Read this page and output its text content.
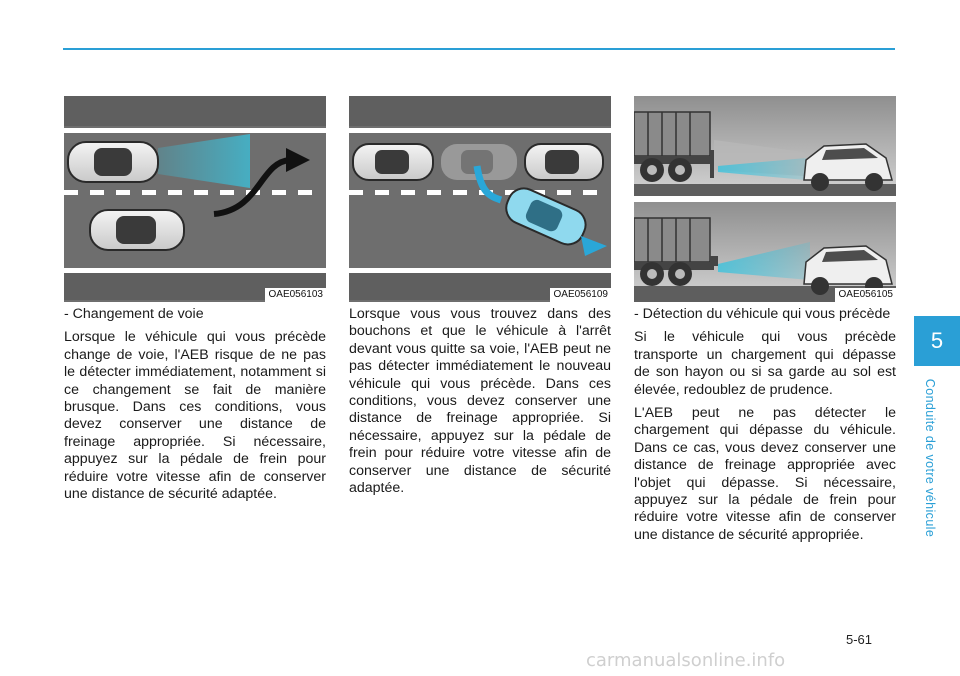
OAE056103	OAE056109	OAE056105

- Changement de voie

Lorsque le véhicule qui vous précède change de voie, l'AEB risque de ne pas le détecter immédiatement, notamment si ce changement se fait de manière brusque. Dans ces conditions, vous devez conserver une distance de freinage appropriée. Si nécessaire, appuyez sur la pédale de frein pour réduire votre vitesse afin de conserver une distance de sécurité adaptée.

Lorsque vous vous trouvez dans des bouchons et que le véhicule à l'arrêt devant vous quitte sa voie, l'AEB peut ne pas détecter immédiatement le nouveau véhicule qui vous précède. Dans ces conditions, vous devez conserver une distance de freinage appropriée. Si nécessaire, appuyez sur la pédale de frein pour réduire votre vitesse afin de conserver une distance de sécurité adaptée.

- Détection du véhicule qui vous précède

Si le véhicule qui vous précède transporte un chargement qui dépasse de son hayon ou si sa garde au sol est élevée, redoublez de prudence.

L'AEB peut ne pas détecter le chargement qui dépasse du véhicule. Dans ce cas, vous devez conserver une distance de freinage appropriée avec l'objet qui dépasse. Si nécessaire, appuyez sur la pédale de frein pour réduire votre vitesse afin de conserver une distance de sécurité appropriée.

5
Conduite de votre véhicule
5-61
carmanualsonline.info
